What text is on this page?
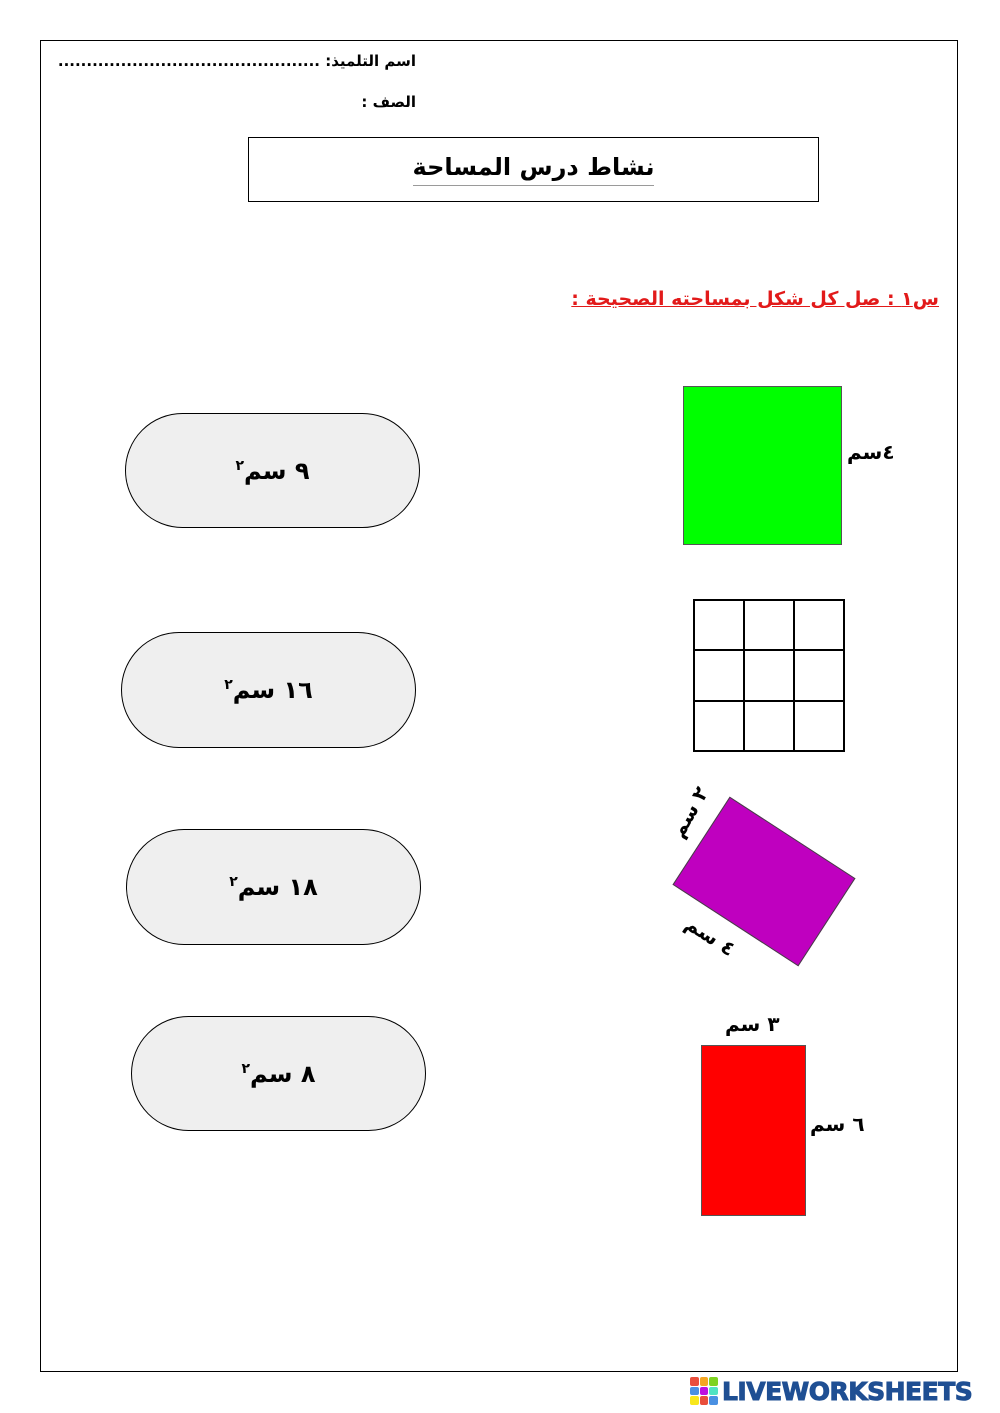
اسم التلميذ: ..............................................
الصف :
نشاط درس المساحة
س١ : صل كل شكل بمساحته الصحيحة :
٩ سم$^٢$
١٦ سم$^٢$
١٨ سم$^٢$
٨ سم$^٢$
٤سم
٢ سم
٤ سم
٣ سم
٦ سم
LIVEWORKSHEETS
